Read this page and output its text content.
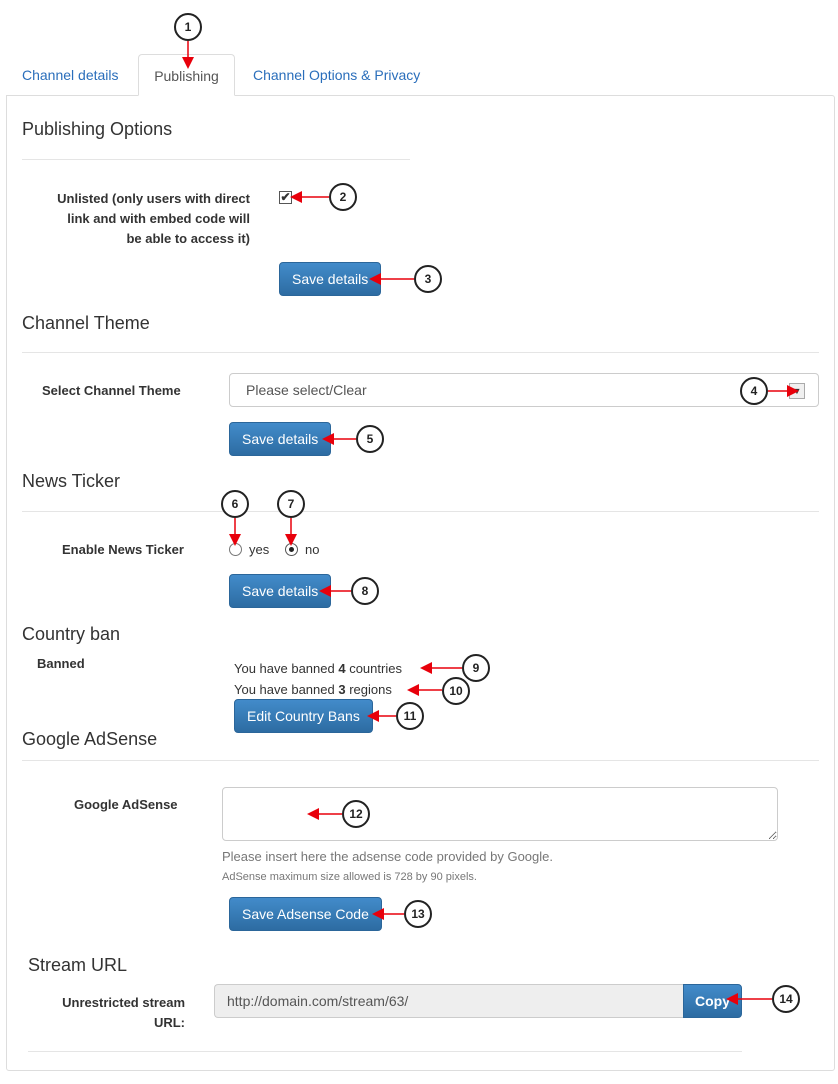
Channel details	Publishing	Channel Options & Privacy
Publishing Options
Unlisted (only users with direct
link and with embed code will
be able to access it)
✔
Save details
Channel Theme
Select Channel Theme	Please select/Clear	▼
Save details
News Ticker
Enable News Ticker	yes	no
Save details
Country ban
Banned	You have banned 4 countries
You have banned 3 regions
Edit Country Bans
Google AdSense
Google AdSense
Please insert here the adsense code provided by Google.
AdSense maximum size allowed is 728 by 90 pixels.
Save Adsense Code
Stream URL
Unrestricted stream
URL:
http://domain.com/stream/63/	Copy
1
2
3
4
5
6	7
8
9
10
11
12
13
14
